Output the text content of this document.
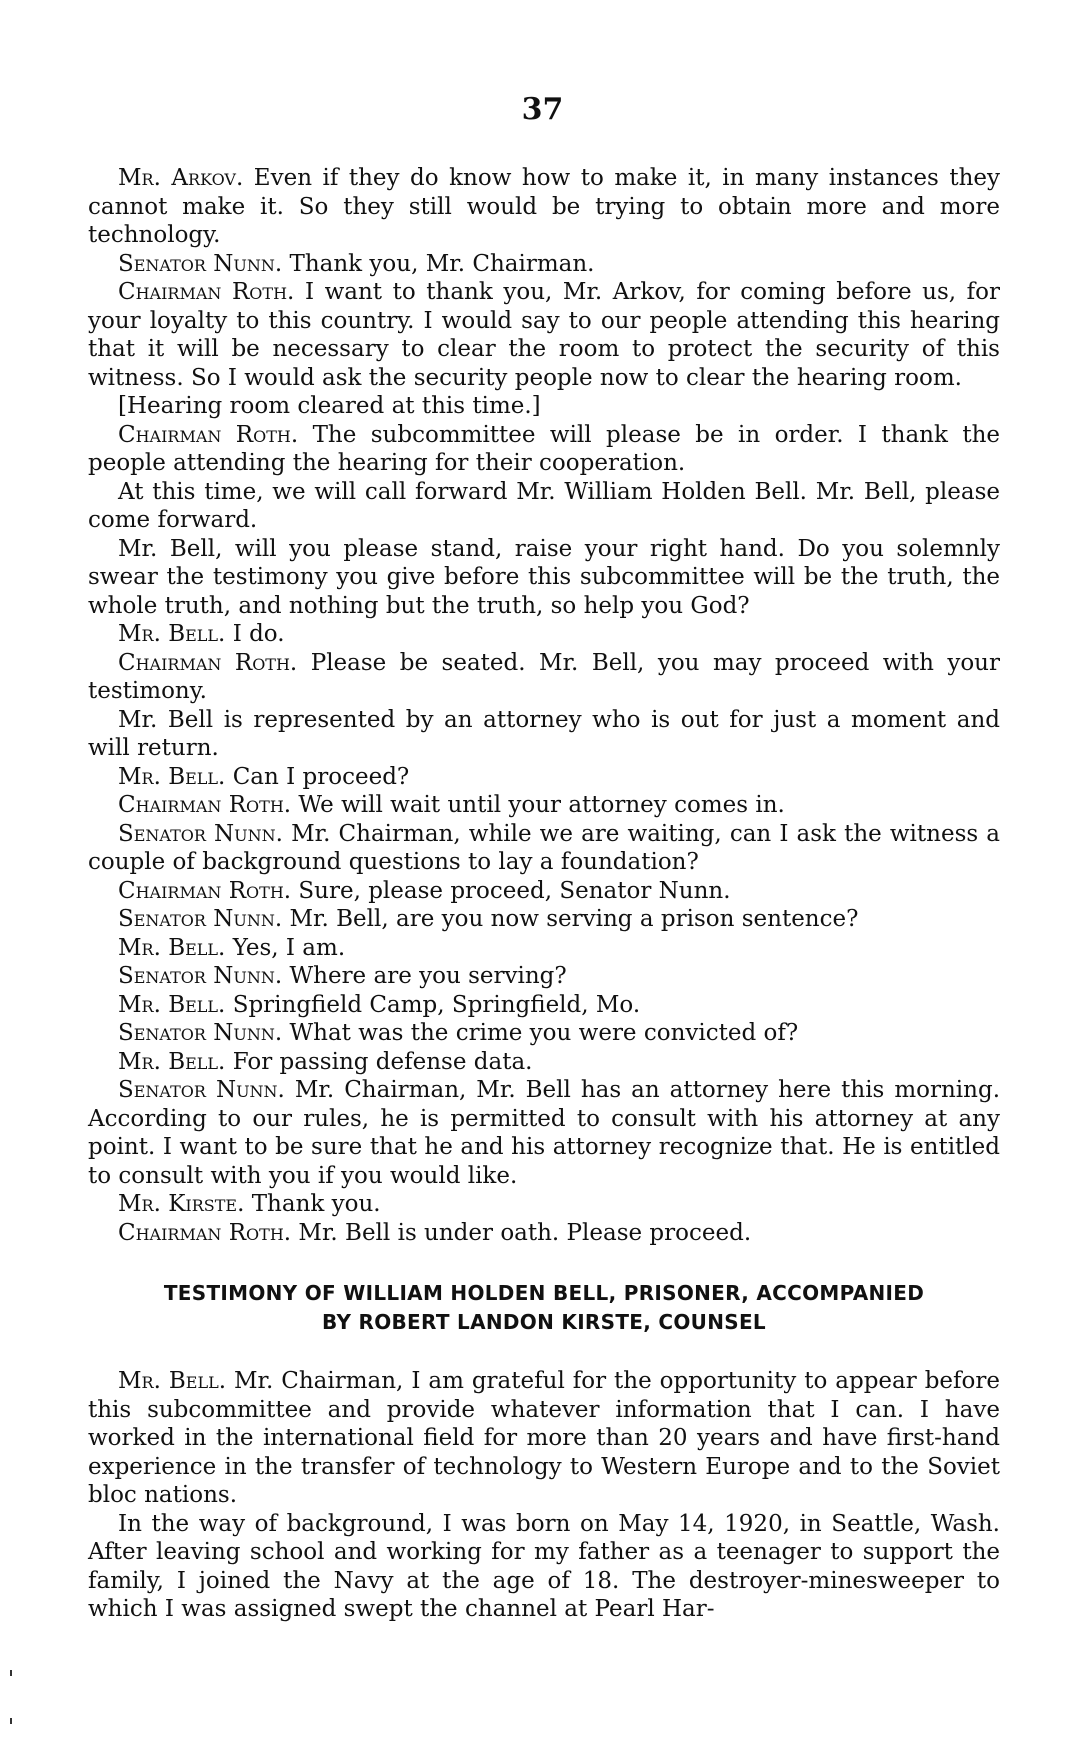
37

Mr. Arkov. Even if they do know how to make it, in many instances they cannot make it. So they still would be trying to obtain more and more technology.

Senator Nunn. Thank you, Mr. Chairman.

Chairman Roth. I want to thank you, Mr. Arkov, for coming before us, for your loyalty to this country. I would say to our people attending this hearing that it will be necessary to clear the room to protect the security of this witness. So I would ask the security people now to clear the hearing room.

[Hearing room cleared at this time.]

Chairman Roth. The subcommittee will please be in order. I thank the people attending the hearing for their cooperation.

At this time, we will call forward Mr. William Holden Bell. Mr. Bell, please come forward.

Mr. Bell, will you please stand, raise your right hand. Do you solemnly swear the testimony you give before this subcommittee will be the truth, the whole truth, and nothing but the truth, so help you God?

Mr. Bell. I do.

Chairman Roth. Please be seated. Mr. Bell, you may proceed with your testimony.

Mr. Bell is represented by an attorney who is out for just a moment and will return.

Mr. Bell. Can I proceed?

Chairman Roth. We will wait until your attorney comes in.

Senator Nunn. Mr. Chairman, while we are waiting, can I ask the witness a couple of background questions to lay a foundation?

Chairman Roth. Sure, please proceed, Senator Nunn.

Senator Nunn. Mr. Bell, are you now serving a prison sentence?

Mr. Bell. Yes, I am.

Senator Nunn. Where are you serving?

Mr. Bell. Springfield Camp, Springfield, Mo.

Senator Nunn. What was the crime you were convicted of?

Mr. Bell. For passing defense data.

Senator Nunn. Mr. Chairman, Mr. Bell has an attorney here this morning. According to our rules, he is permitted to consult with his attorney at any point. I want to be sure that he and his attorney recognize that. He is entitled to consult with you if you would like.

Mr. Kirste. Thank you.

Chairman Roth. Mr. Bell is under oath. Please proceed.

TESTIMONY OF WILLIAM HOLDEN BELL, PRISONER, ACCOMPANIED
BY ROBERT LANDON KIRSTE, COUNSEL

Mr. Bell. Mr. Chairman, I am grateful for the opportunity to appear before this subcommittee and provide whatever information that I can. I have worked in the international field for more than 20 years and have first-hand experience in the transfer of technology to Western Europe and to the Soviet bloc nations.

In the way of background, I was born on May 14, 1920, in Seattle, Wash. After leaving school and working for my father as a teenager to support the family, I joined the Navy at the age of 18. The destroyer-minesweeper to which I was assigned swept the channel at Pearl Har-
